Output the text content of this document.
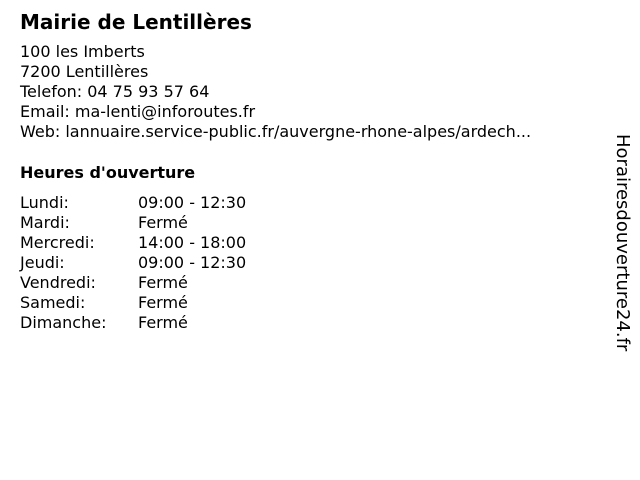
Mairie de Lentillères
100 les Imberts
7200 Lentillères
Telefon: 04 75 93 57 64
Email: ma-lenti@inforoutes.fr
Web: lannuaire.service-public.fr/auvergne-rhone-alpes/ardech...
Heures d'ouverture
Lundi:	09:00 - 12:30
Mardi:	Fermé
Mercredi:	14:00 - 18:00
Jeudi:	09:00 - 12:30
Vendredi:	Fermé
Samedi:	Fermé
Dimanche:	Fermé	Horairesdouverture24.fr
